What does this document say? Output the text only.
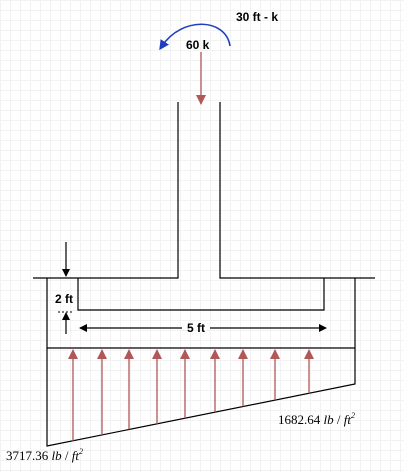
30 ft - k
60 k
2 ft
5 ft
3717.36 lb / $ft^2$
1682.64 lb / $ft^2$
